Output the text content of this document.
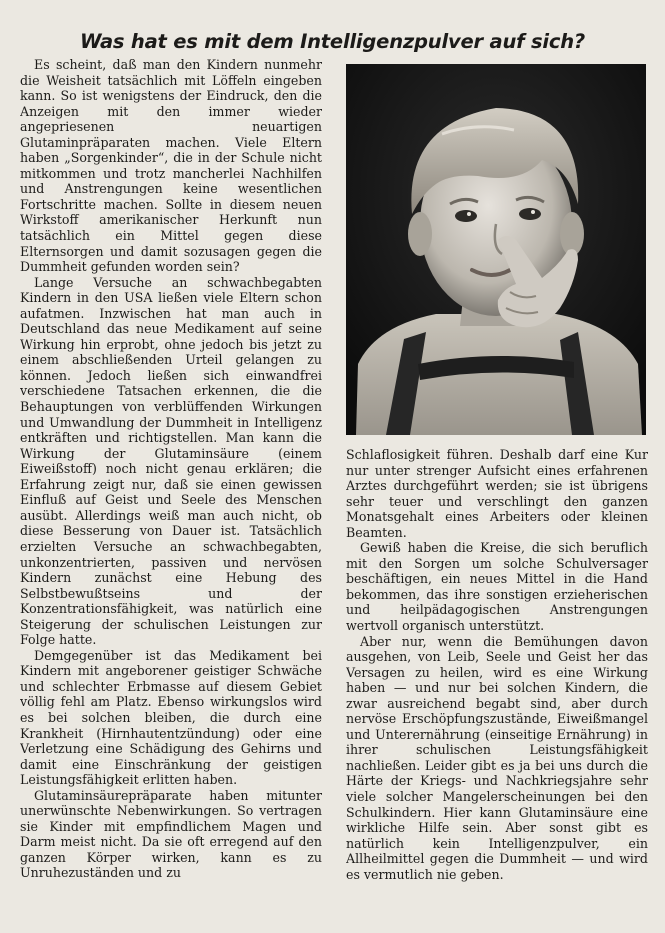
Was hat es mit dem Intelligenzpulver auf sich?

Es scheint, daß man den Kindern nunmehr die Weisheit tatsächlich mit Löffeln eingeben kann. So ist wenigstens der Eindruck, den die Anzeigen mit den immer wieder angepriesenen neuartigen Glutaminpräparaten machen. Viele Eltern haben „Sorgenkinder“, die in der Schule nicht mitkommen und trotz mancherlei Nachhilfen und Anstrengungen keine wesentlichen Fortschritte machen. Sollte in diesem neuen Wirkstoff amerikanischer Herkunft nun tatsächlich ein Mittel gegen diese Elternsorgen und damit sozusagen gegen die Dummheit gefunden worden sein?

Lange Versuche an schwachbegabten Kindern in den USA ließen viele Eltern schon aufatmen. Inzwischen hat man auch in Deutschland das neue Medikament auf seine Wirkung hin erprobt, ohne jedoch bis jetzt zu einem abschließenden Urteil gelangen zu können. Jedoch ließen sich einwandfrei verschiedene Tatsachen erkennen, die die Behauptungen von verblüffenden Wirkungen und Umwandlung der Dummheit in Intelligenz entkräften und richtigstellen. Man kann die Wirkung der Glutaminsäure (einem Eiweißstoff) noch nicht genau erklären; die Erfahrung zeigt nur, daß sie einen gewissen Einfluß auf Geist und Seele des Menschen ausübt. Allerdings weiß man auch nicht, ob diese Besserung von Dauer ist. Tatsächlich erzielten Versuche an schwachbegabten, unkonzentrierten, passiven und nervösen Kindern zunächst eine Hebung des Selbstbewußtseins und der Konzentrationsfähigkeit, was natürlich eine Steigerung der schulischen Leistungen zur Folge hatte.

Demgegenüber ist das Medikament bei Kindern mit angeborener geistiger Schwäche und schlechter Erbmasse auf diesem Gebiet völlig fehl am Platz. Ebenso wirkungslos wird es bei solchen bleiben, die durch eine Krankheit (Hirnhautentzündung) oder eine Verletzung eine Schädigung des Gehirns und damit eine Einschränkung der geistigen Leistungsfähigkeit erlitten haben.

Glutaminsäurepräparate haben mitunter unerwünschte Nebenwirkungen. So vertragen sie Kinder mit empfindlichem Magen und Darm meist nicht. Da sie oft erregend auf den ganzen Körper wirken, kann es zu Unruhezuständen und zu

Schlaflosigkeit führen. Deshalb darf eine Kur nur unter strenger Aufsicht eines erfahrenen Arztes durchgeführt werden; sie ist übrigens sehr teuer und verschlingt den ganzen Monatsgehalt eines Arbeiters oder kleinen Beamten.

Gewiß haben die Kreise, die sich beruflich mit den Sorgen um solche Schulversager beschäftigen, ein neues Mittel in die Hand bekommen, das ihre sonstigen erzieherischen und heilpädagogischen Anstrengungen wertvoll organisch unterstützt.

Aber nur, wenn die Bemühungen davon ausgehen, von Leib, Seele und Geist her das Versagen zu heilen, wird es eine Wirkung haben — und nur bei solchen Kindern, die zwar ausreichend begabt sind, aber durch nervöse Erschöpfungszustände, Eiweißmangel und Unterernährung (einseitige Ernährung) in ihrer schulischen Leistungsfähigkeit nachließen. Leider gibt es ja bei uns durch die Härte der Kriegs- und Nachkriegsjahre sehr viele solcher Mangelerscheinungen bei den Schulkindern. Hier kann Glutaminsäure eine wirkliche Hilfe sein. Aber sonst gibt es natürlich kein Intelligenzpulver, ein Allheilmittel gegen die Dummheit — und wird es vermutlich nie geben.
